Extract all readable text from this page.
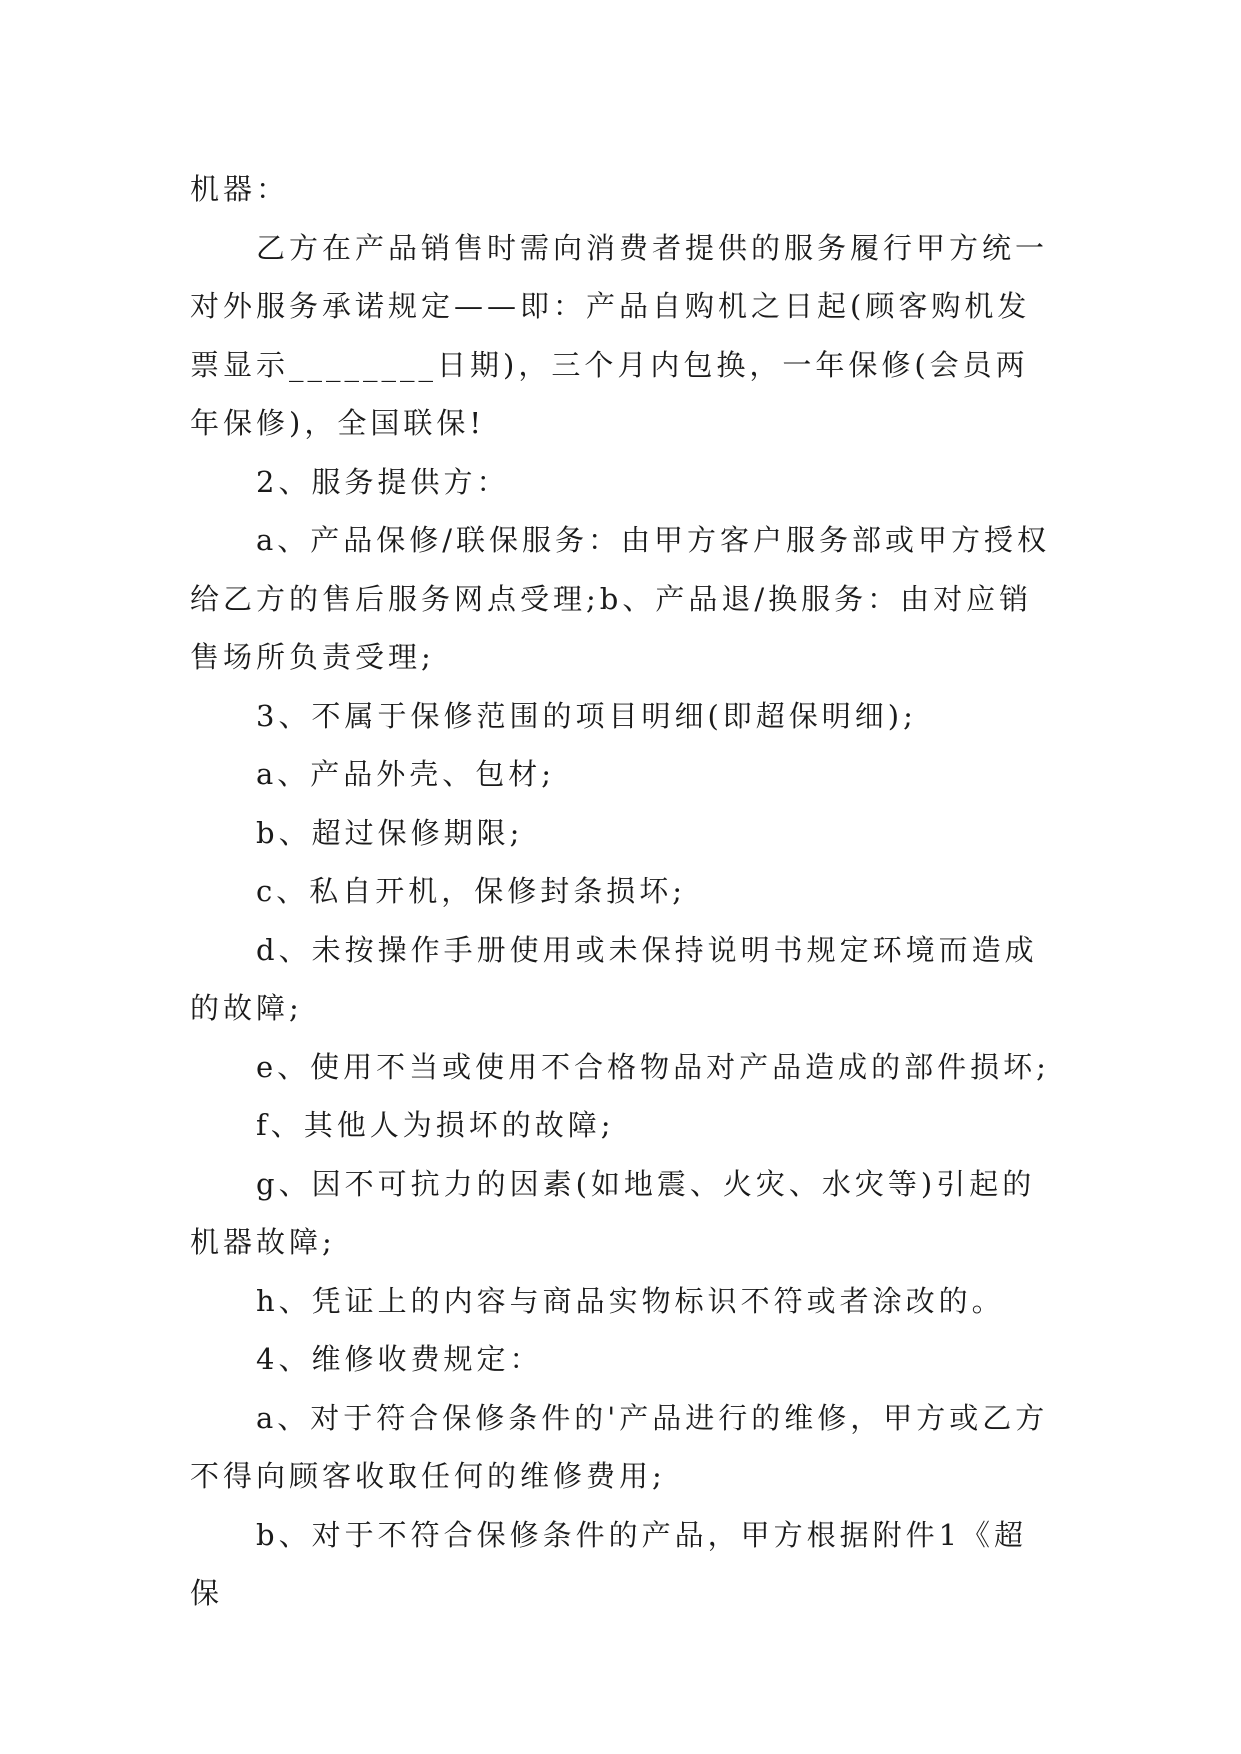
机器：

乙方在产品销售时需向消费者提供的服务履行甲方统一对外服务承诺规定——即：产品自购机之日起(顾客购机发票显示________日期)，三个月内包换，一年保修(会员两年保修)，全国联保!

2、服务提供方：

a、产品保修/联保服务：由甲方客户服务部或甲方授权给乙方的售后服务网点受理;b、产品退/换服务：由对应销售场所负责受理;

3、不属于保修范围的项目明细(即超保明细);

a、产品外壳、包材;

b、超过保修期限;

c、私自开机，保修封条损坏;

d、未按操作手册使用或未保持说明书规定环境而造成的故障;

e、使用不当或使用不合格物品对产品造成的部件损坏;

f、其他人为损坏的故障;

g、因不可抗力的因素(如地震、火灾、水灾等)引起的机器故障;

h、凭证上的内容与商品实物标识不符或者涂改的。

4、维修收费规定：

a、对于符合保修条件的'产品进行的维修，甲方或乙方不得向顾客收取任何的维修费用;

b、对于不符合保修条件的产品，甲方根据附件1《超保
